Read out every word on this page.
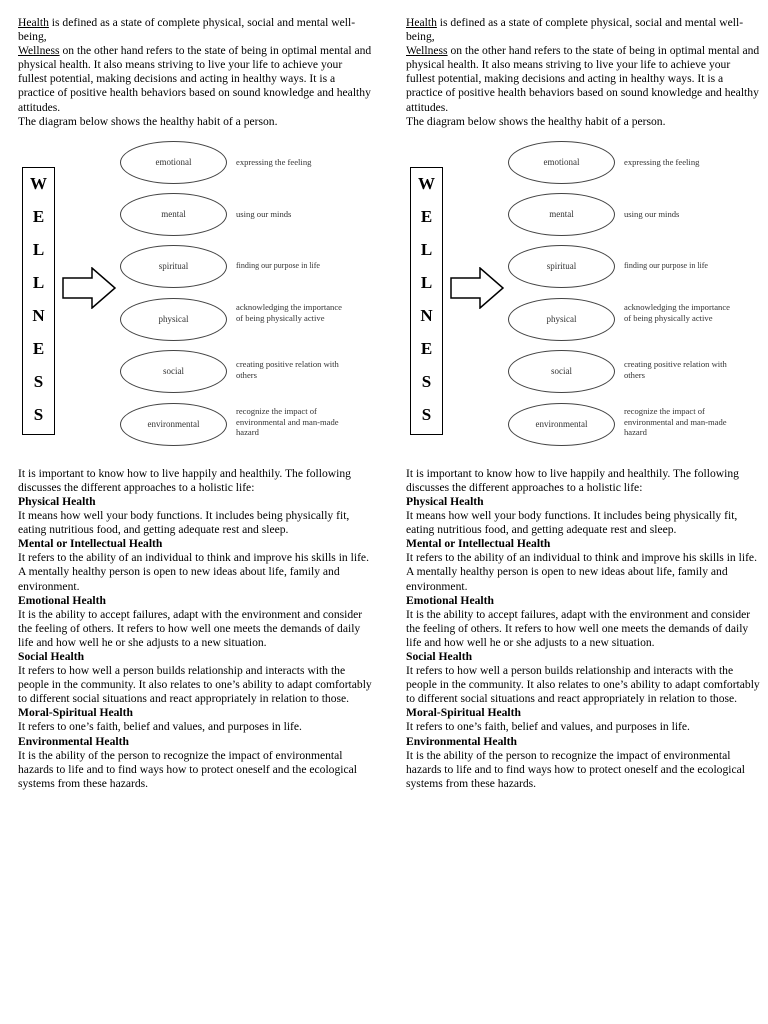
Health is defined as a state of complete physical, social and mental well-being,

Wellness on the other hand refers to the state of being in optimal mental and physical health. It also means striving to live your life to achieve your fullest potential, making decisions and acting in healthy ways. It is a practice of positive health behaviors based on sound knowledge and healthy attitudes.

The diagram below shows the healthy habit of a person.

W
E
L
L
N
E
S
S
emotional	expressing the feeling
mental	using our minds
spiritual	finding our purpose in life
physical
acknowledging the importance of being physically active
social
creating positive relation with others
environmental
recognize the impact of environmental and man-made hazard

It is important to know how to live happily and healthily. The following discusses the different approaches to a holistic life:

Physical Health

It means how well your body functions. It includes being physically fit, eating nutritious food, and getting adequate rest and sleep.

Mental or Intellectual Health

It refers to the ability of an individual to think and improve his skills in life. A mentally healthy person is open to new ideas about life, family and environment.

Emotional Health

It is the ability to accept failures, adapt with the environment and consider the feeling of others. It refers to how well one meets the demands of daily life and how well he or she adjusts to a new situation.

Social Health

It refers to how well a person builds relationship and interacts with the people in the community. It also relates to one’s ability to adapt comfortably to different social situations and react appropriately in relation to those.

Moral-Spiritual Health

It refers to one’s faith, belief and values, and purposes in life.

Environmental Health

It is the ability of the person to recognize the impact of environmental hazards to life and to find ways how to protect oneself and the ecological systems from these hazards.

Health is defined as a state of complete physical, social and mental well-being,

Wellness on the other hand refers to the state of being in optimal mental and physical health. It also means striving to live your life to achieve your fullest potential, making decisions and acting in healthy ways. It is a practice of positive health behaviors based on sound knowledge and healthy attitudes.

The diagram below shows the healthy habit of a person.

W
E
L
L
N
E
S
S
emotional	expressing the feeling
mental	using our minds
spiritual	finding our purpose in life
physical
acknowledging the importance of being physically active
social
creating positive relation with others
environmental
recognize the impact of environmental and man-made hazard

It is important to know how to live happily and healthily. The following discusses the different approaches to a holistic life:

Physical Health

It means how well your body functions. It includes being physically fit, eating nutritious food, and getting adequate rest and sleep.

Mental or Intellectual Health

It refers to the ability of an individual to think and improve his skills in life. A mentally healthy person is open to new ideas about life, family and environment.

Emotional Health

It is the ability to accept failures, adapt with the environment and consider the feeling of others. It refers to how well one meets the demands of daily life and how well he or she adjusts to a new situation.

Social Health

It refers to how well a person builds relationship and interacts with the people in the community. It also relates to one’s ability to adapt comfortably to different social situations and react appropriately in relation to those.

Moral-Spiritual Health

It refers to one’s faith, belief and values, and purposes in life.

Environmental Health

It is the ability of the person to recognize the impact of environmental hazards to life and to find ways how to protect oneself and the ecological systems from these hazards.
